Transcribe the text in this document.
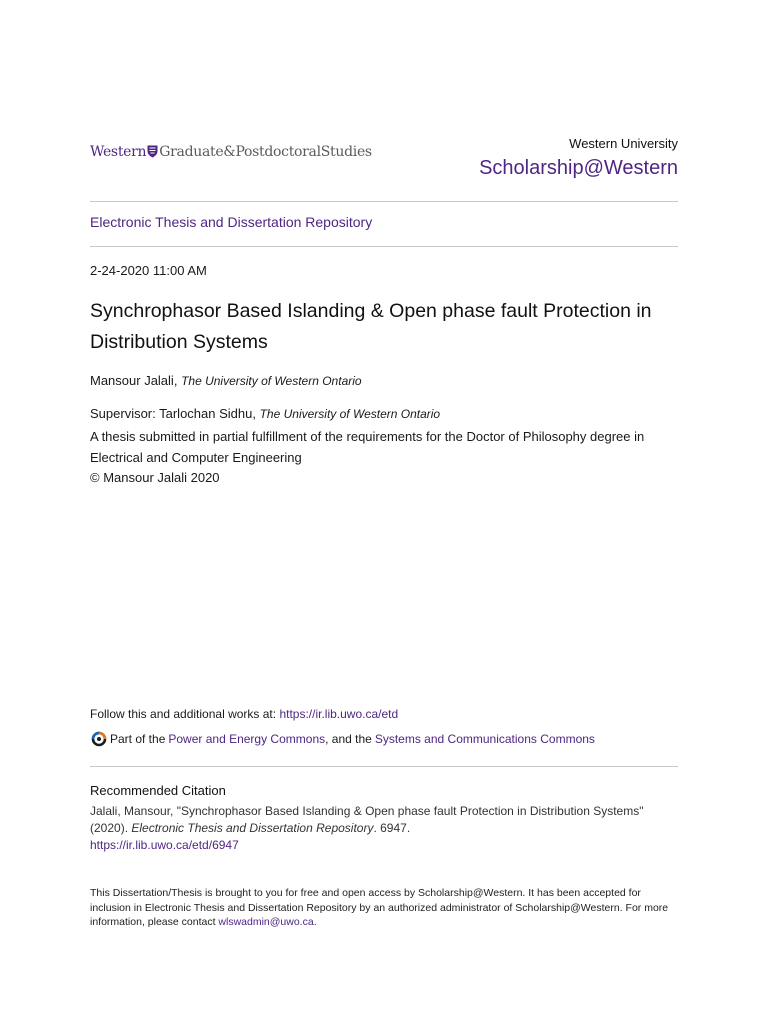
Western Graduate&PostdoctoralStudies
Western University
Scholarship@Western
Electronic Thesis and Dissertation Repository
2-24-2020 11:00 AM
Synchrophasor Based Islanding & Open phase fault Protection in Distribution Systems
Mansour Jalali, The University of Western Ontario
Supervisor: Tarlochan Sidhu, The University of Western Ontario
A thesis submitted in partial fulfillment of the requirements for the Doctor of Philosophy degree in Electrical and Computer Engineering
© Mansour Jalali 2020
Follow this and additional works at: https://ir.lib.uwo.ca/etd
Part of the Power and Energy Commons , and the Systems and Communications Commons
Recommended Citation
Jalali, Mansour, "Synchrophasor Based Islanding & Open phase fault Protection in Distribution Systems" (2020). Electronic Thesis and Dissertation Repository. 6947.
https://ir.lib.uwo.ca/etd/6947
This Dissertation/Thesis is brought to you for free and open access by Scholarship@Western. It has been accepted for inclusion in Electronic Thesis and Dissertation Repository by an authorized administrator of Scholarship@Western. For more information, please contact wlswadmin@uwo.ca.
